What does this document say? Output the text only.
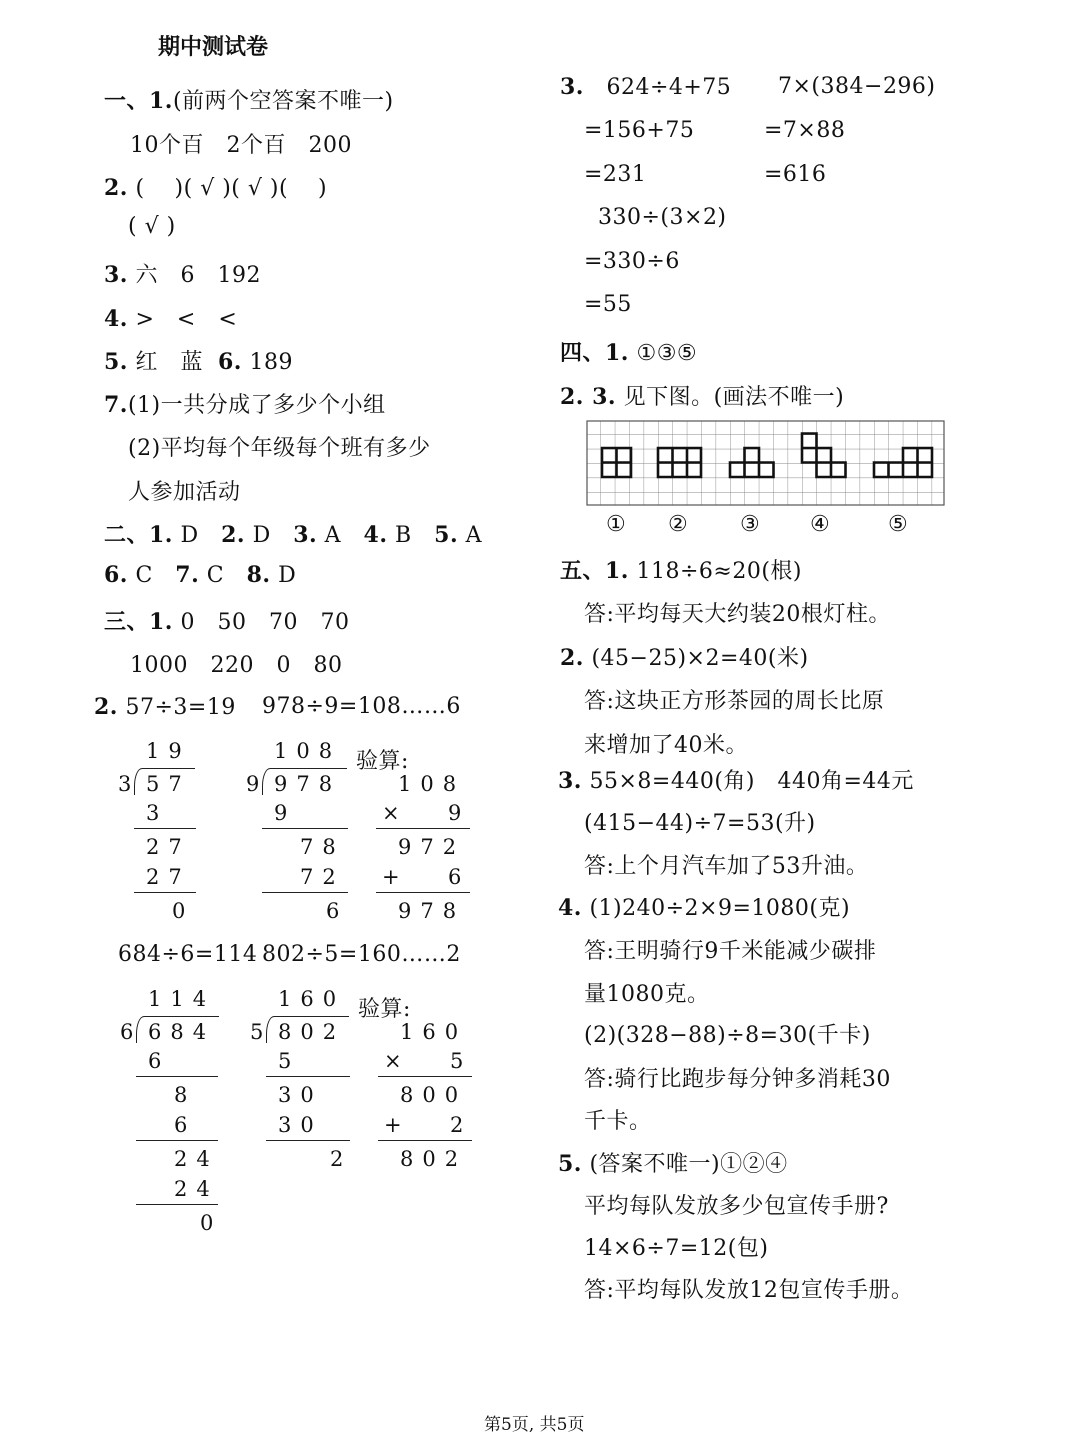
期中测试卷
一、1.(前两个空答案不唯一)
10个百　2个百　200
2. (　 )( √ )( √ )(　 )
( √ )
3. 六　6　192
4. >　<　<
5. 红　蓝 6. 189
7.(1)一共分成了多少个小组
(2)平均每个年级每个班有多少
人参加活动
二、1. D 2. D 3. A 4. B 5. A
6. C 7. C 8. D
三、1. 0　50　70　70
1000　220　0　80
2. 57÷3=19 978÷9=108……6
19
3 57
3
27
27
0
108
9 978
9
78
72
6
验算:
108
× 9
972
+ 6
978
684÷6=114 802÷5=160……2
114
6 684
6
8
6
24
24
0
160
5 802
5
30
30
2
验算:
160
× 5
800
+ 2
802
3. 624÷4+75 7×(384−296)
=156+75	=7×88
=231	=616
330÷(3×2)
=330÷6
=55
四、1. ①③⑤
2. 3. 见下图。(画法不唯一)
① ② ③ ④	⑤
五、1. 118÷6≈20(根)
答:平均每天大约装20根灯柱。
2. (45−25)×2=40(米)
答:这块正方形茶园的周长比原
来增加了40米。
3. 55×8=440(角)　440角=44元
(415−44)÷7=53(升)
答:上个月汽车加了53升油。
4. (1)240÷2×9=1080(克)
答:王明骑行9千米能减少碳排
量1080克。
(2)(328−88)÷8=30(千卡)
答:骑行比跑步每分钟多消耗30
千卡。
5. (答案不唯一)①②④
平均每队发放多少包宣传手册?
14×6÷7=12(包)
答:平均每队发放12包宣传手册。
第5页, 共5页
